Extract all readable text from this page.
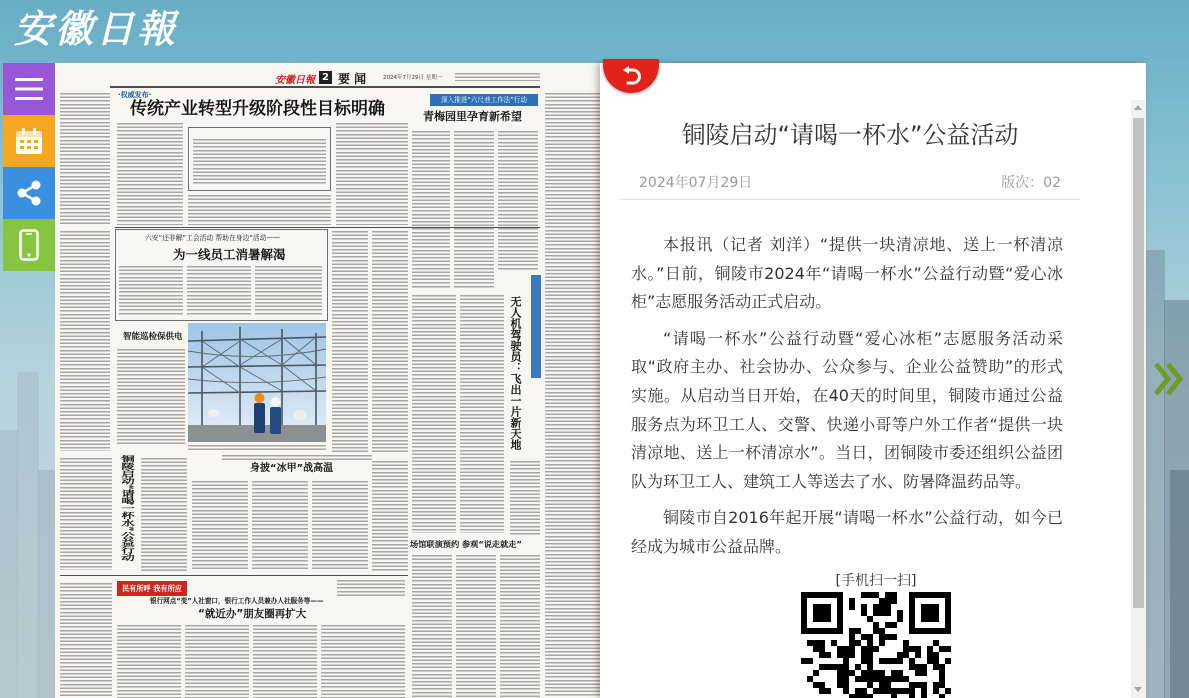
安徽日報
安徽日報 2 要 闻	2024年7月29日 星期一
·权威发布·
传统产业转型升级阶段性目标明确	深入推进“六尺巷工作法”行动
青梅园里孕育新希望
六安“还非解”工会活动 帮助在身边“活动——
为一线员工消暑解渴
智能巡检保供电	无人机驾驶员：飞出一片新天地
铜陵启动“请喝一杯水”公益行动	身披“冰甲”战高温
场馆联演预约 参观“说走就走”
民有所呼 我有所应
银行网点“变”人社窗口，银行工作人员兼办人社服务等——
“就近办”朋友圈再扩大
铜陵启动“请喝一杯水”公益活动
2024年07月29日	版次：02

本报讯（记者 刘洋）“提供一块清凉地、送上一杯清凉水。”日前，铜陵市2024年“请喝一杯水”公益行动暨“爱心冰柜”志愿服务活动正式启动。

“请喝一杯水”公益行动暨“爱心冰柜”志愿服务活动采取“政府主办、社会协办、公众参与、企业公益赞助”的形式实施。从启动当日开始，在40天的时间里，铜陵市通过公益服务点为环卫工人、交警、快递小哥等户外工作者“提供一块清凉地、送上一杯清凉水”。当日，团铜陵市委还组织公益团队为环卫工人、建筑工人等送去了水、防暑降温药品等。

铜陵市自2016年起开展“请喝一杯水”公益行动，如今已经成为城市公益品牌。

[手机扫一扫]
